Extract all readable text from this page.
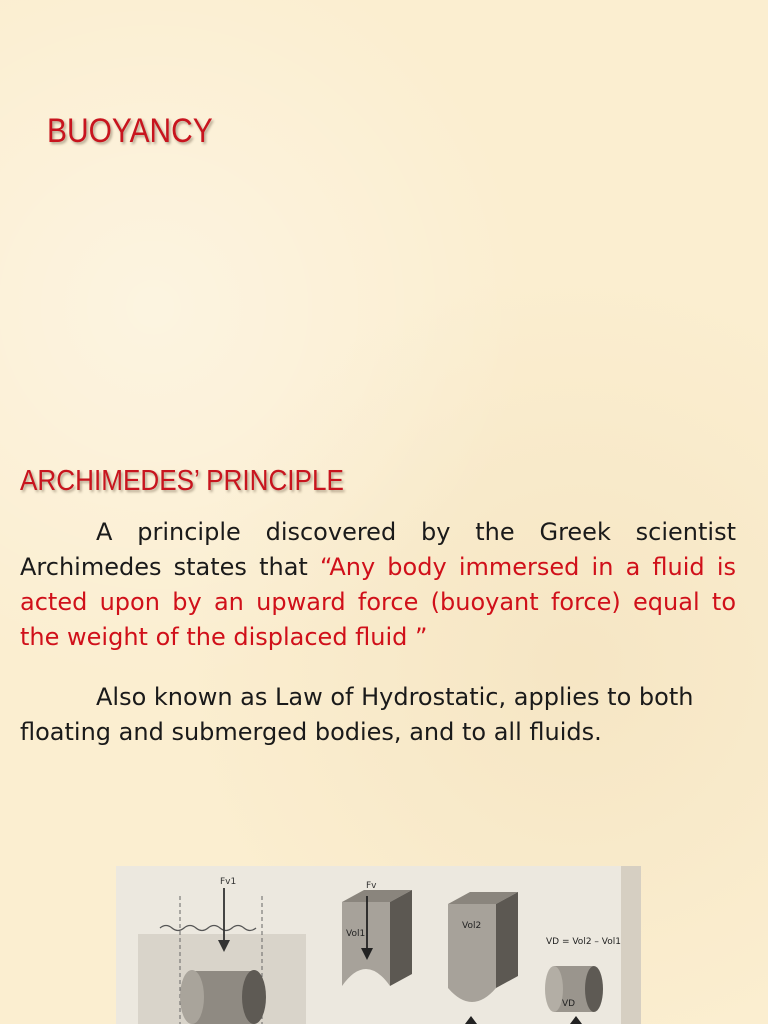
BUOYANCY
ARCHIMEDES’ PRINCIPLE

A principle discovered by the Greek scientist Archimedes states that “Any body immersed in a fluid is acted upon by an upward force (buoyant force) equal to the weight of the displaced fluid ”

Also known as Law of Hydrostatic, applies to both floating and submerged bodies, and to all fluids.

Fv1	Fv
Vol1
Vol2
VD = Vol2 – Vol1
VD
